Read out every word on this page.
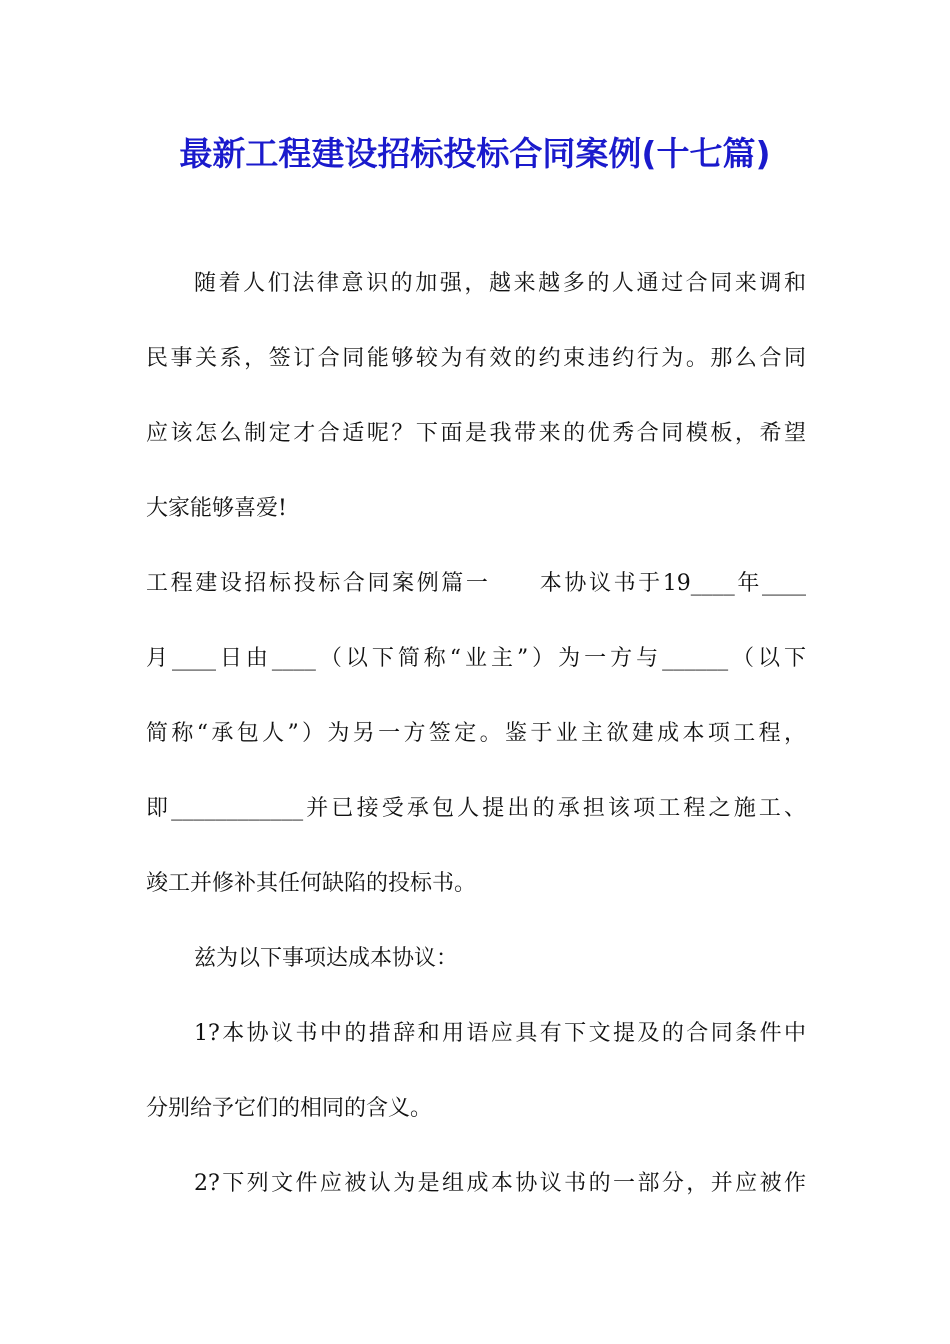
最新工程建设招标投标合同案例(十七篇)
随着人们法律意识的加强，越来越多的人通过合同来调和
民事关系，签订合同能够较为有效的约束违约行为。那么合同
应该怎么制定才合适呢？下面是我带来的优秀合同模板，希望
大家能够喜爱!
工程建设招标投标合同案例篇一　　本协议书于19____年____
月____日由____（以下简称“业主”）为一方与______（以下
简称“承包人”）为另一方签定。鉴于业主欲建成本项工程，
即____________并已接受承包人提出的承担该项工程之施工、
竣工并修补其任何缺陷的投标书。
兹为以下事项达成本协议：
1?本协议书中的措辞和用语应具有下文提及的合同条件中
分别给予它们的相同的含义。
2?下列文件应被认为是组成本协议书的一部分，并应被作
